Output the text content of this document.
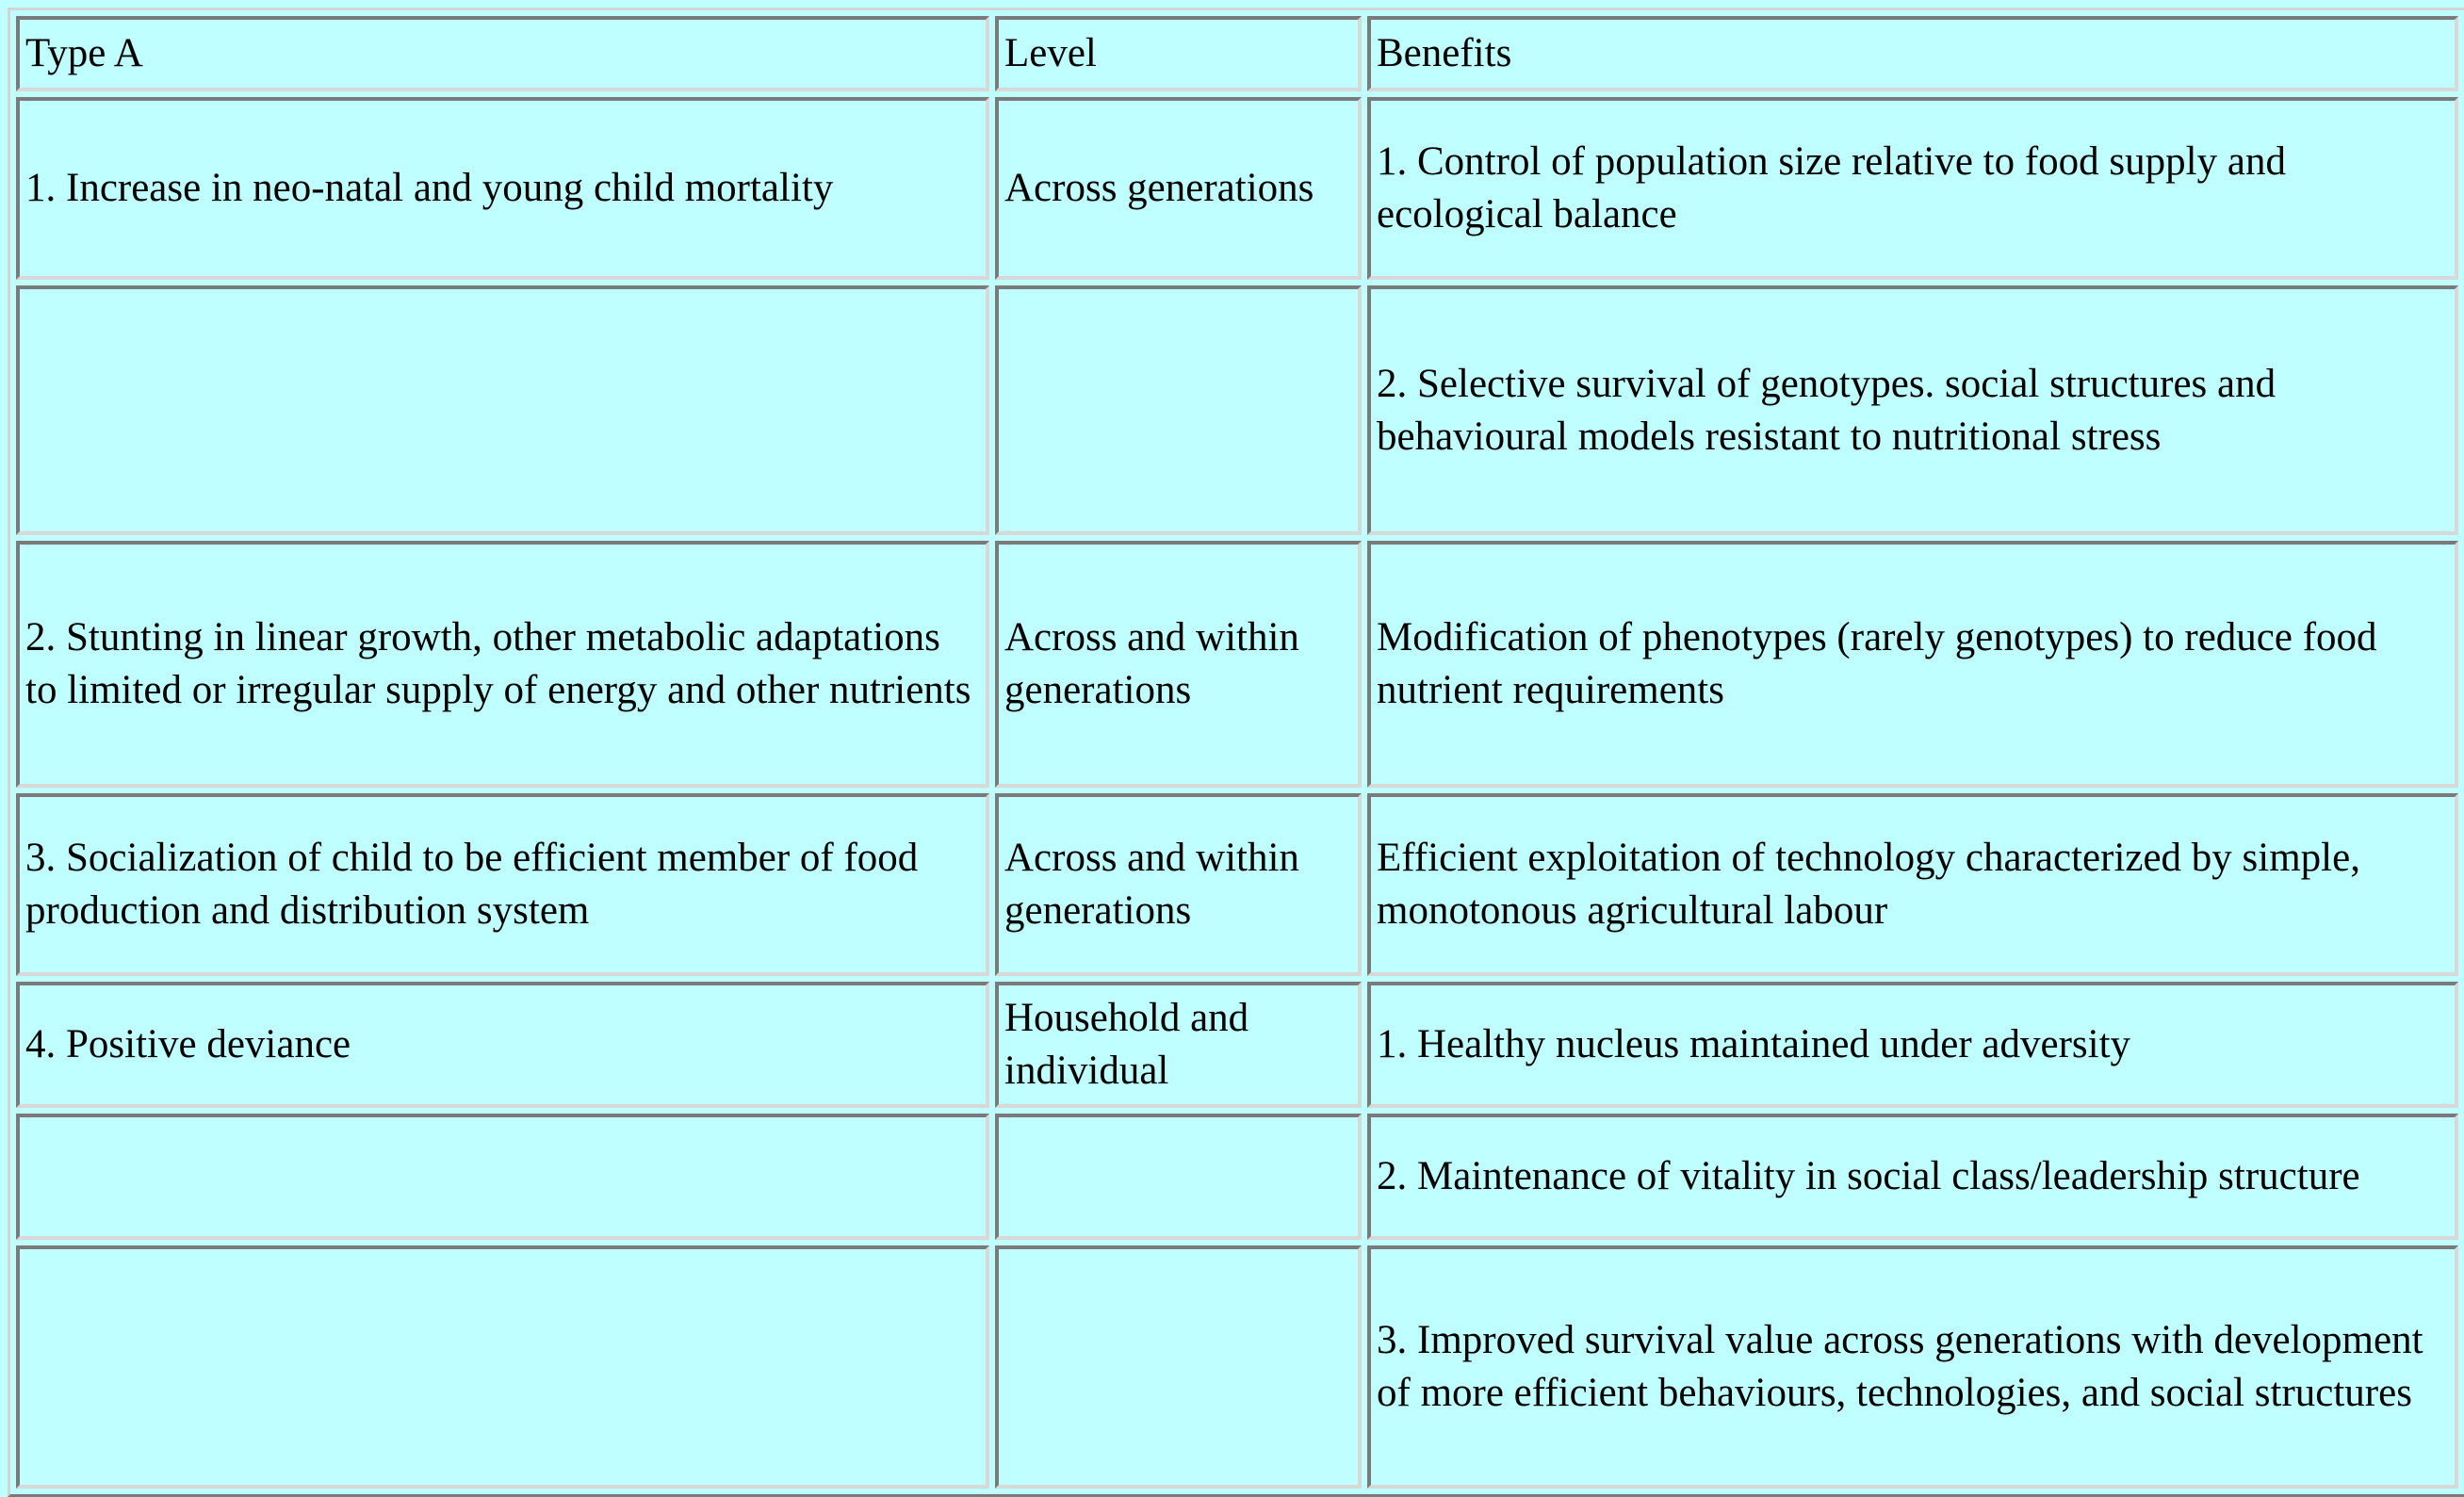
Type A	Level	Benefits
1. Increase in neo-natal and young child mortality	Across generations	1. Control of population size relative to food supply and ecological balance
		2. Selective survival of genotypes. social structures and behavioural models resistant to nutritional stress
2. Stunting in linear growth, other metabolic adaptations to limited or irregular supply of energy and other nutrients	Across and within generations	Modification of phenotypes (rarely genotypes) to reduce food nutrient requirements
3. Socialization of child to be efficient member of food production and distribution system	Across and within generations	Efficient exploitation of technology characterized by simple, monotonous agricultural labour
4. Positive deviance	Household and individual	1. Healthy nucleus maintained under adversity
		2. Maintenance of vitality in social class/leadership structure
		3. Improved survival value across generations with development of more efficient behaviours, technologies, and social structures
